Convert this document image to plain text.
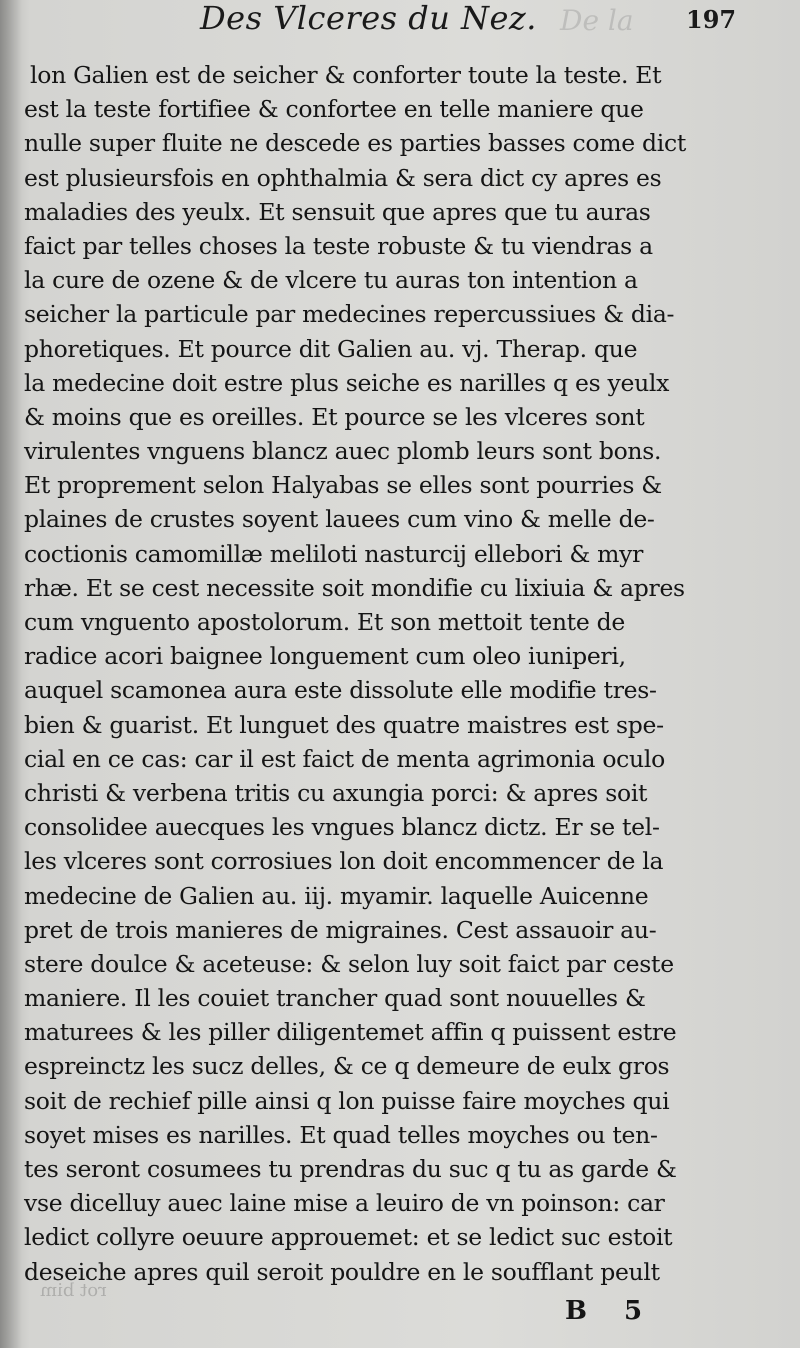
De la
Des Vlceres du Nez.	197
lon Galien est de seicher & conforter toute la teste. Et
est la teste fortifiee & confortee en telle maniere que
nulle super fluite ne descede es parties basses come dict
est plusieursfois en ophthalmia & sera dict cy apres es
maladies des yeulx. Et sensuit que apres que tu auras
faict par telles choses la teste robuste & tu viendras a
la cure de ozene & de vlcere tu auras ton intention a
seicher la particule par medecines repercussiues & dia-
phoretiques. Et pource dit Galien au. vj. Therap. que
la medecine doit estre plus seiche es narilles q es yeulx
& moins que es oreilles. Et pource se les vlceres sont
virulentes vnguens blancz auec plomb leurs sont bons.
Et proprement selon Halyabas se elles sont pourries &
plaines de crustes soyent lauees cum vino & melle de-
coctionis camomillæ meliloti nasturcij ellebori & myr
rhæ. Et se cest necessite soit mondifie cu lixiuia & apres
cum vnguento apostolorum. Et son mettoit tente de
radice acori baignee longuement cum oleo iuniperi,
auquel scamonea aura este dissolute elle modifie tres-
bien & guarist. Et lunguet des quatre maistres est spe-
cial en ce cas: car il est faict de menta agrimonia oculo
christi & verbena tritis cu axungia porci: & apres soit
consolidee auecques les vngues blancz dictz. Er se tel-
les vlceres sont corrosiues lon doit encommencer de la
medecine de Galien au. iij. myamir. laquelle Auicenne
pret de trois manieres de migraines. Cest assauoir au-
stere doulce & aceteuse: & selon luy soit faict par ceste
maniere. Il les couiet trancher quad sont nouuelles &
maturees & les piller diligentemet affin q puissent estre
espreinctz les sucz delles, & ce q demeure de eulx gros
soit de rechief pille ainsi q lon puisse faire moyches qui
soyet mises es narilles. Et quad telles moyches ou ten-
tes seront cosumees tu prendras du suc q tu as garde &
vse dicelluy auec laine mise a leuiro de vn poinson: car
ledict collyre oeuure approuemet: et se ledict suc estoit
deseiche apres quil seroit pouldre en le soufflant peult
rot bim
B 5
